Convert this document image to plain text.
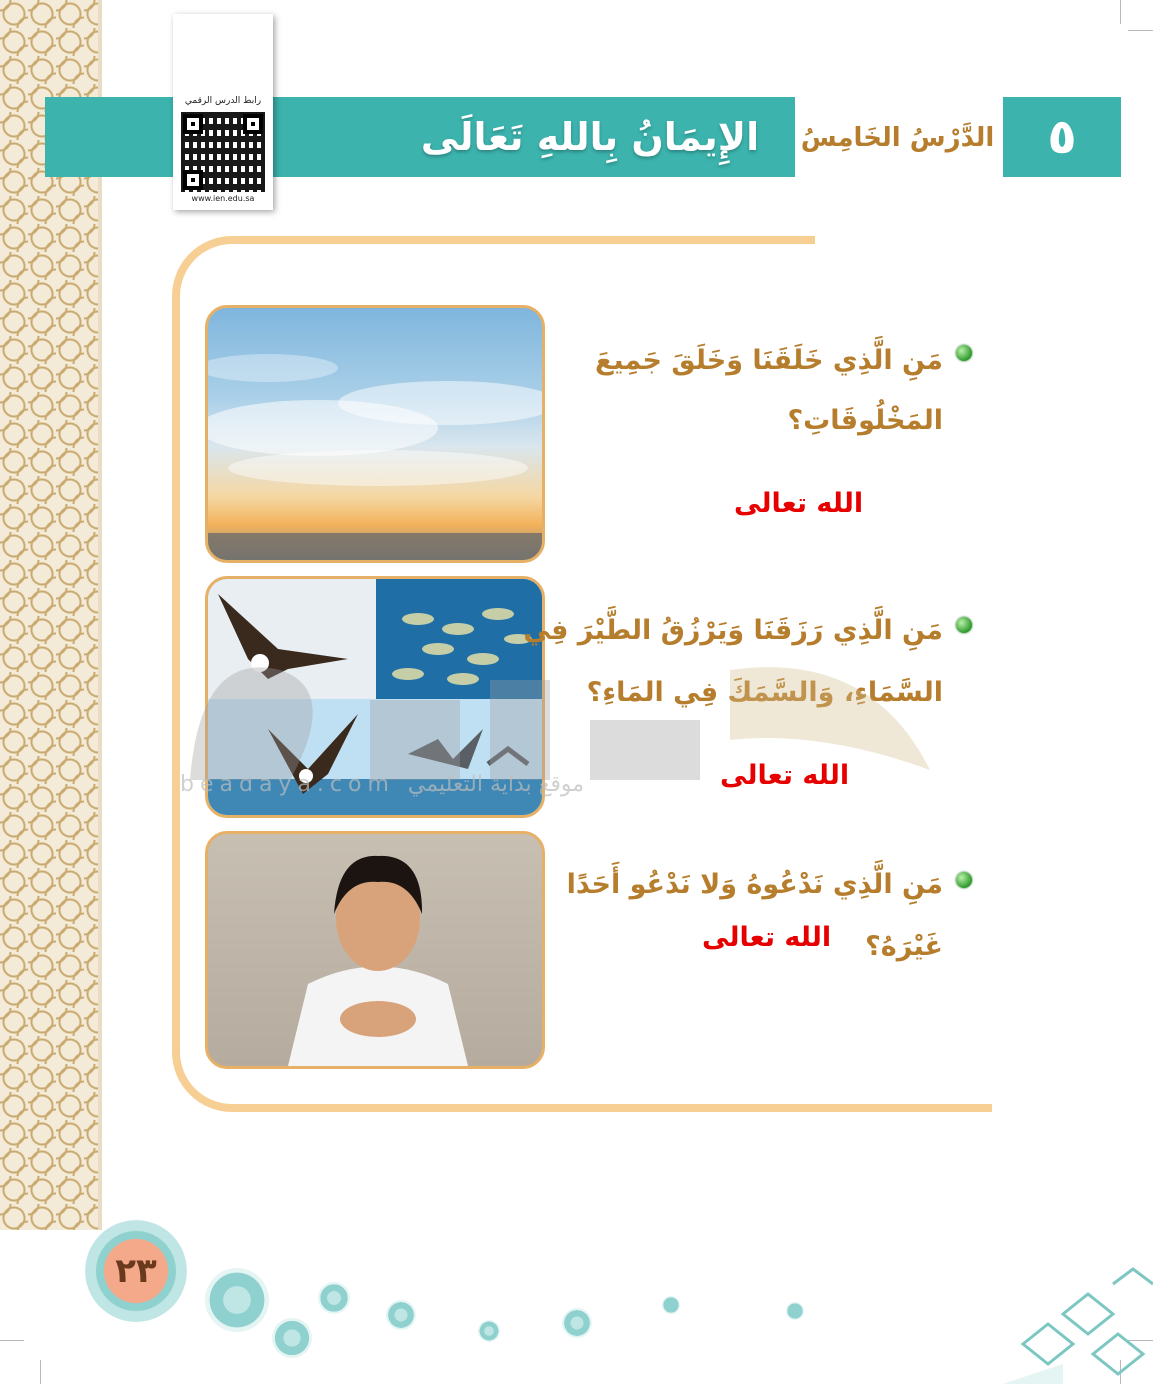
٥
الدَّرْسُ الخَامِسُ
الإِيمَانُ بِاللهِ تَعَالَى
رابط الدرس الرقمي
www.ien.edu.sa
مَنِ الَّذِي خَلَقَنَا وَخَلَقَ جَمِيعَ
المَخْلُوقَاتِ؟
الله تعالى
مَنِ الَّذِي رَزَقَنَا وَيَرْزُقُ الطَّيْرَ فِي
السَّمَاءِ، وَالسَّمَكَ فِي المَاءِ؟
الله تعالى
مَنِ الَّذِي نَدْعُوهُ وَلا نَدْعُو أَحَدًا
غَيْرَهُ؟
الله تعالى
beadaya.com موقع بداية التعليمي
٢٣
